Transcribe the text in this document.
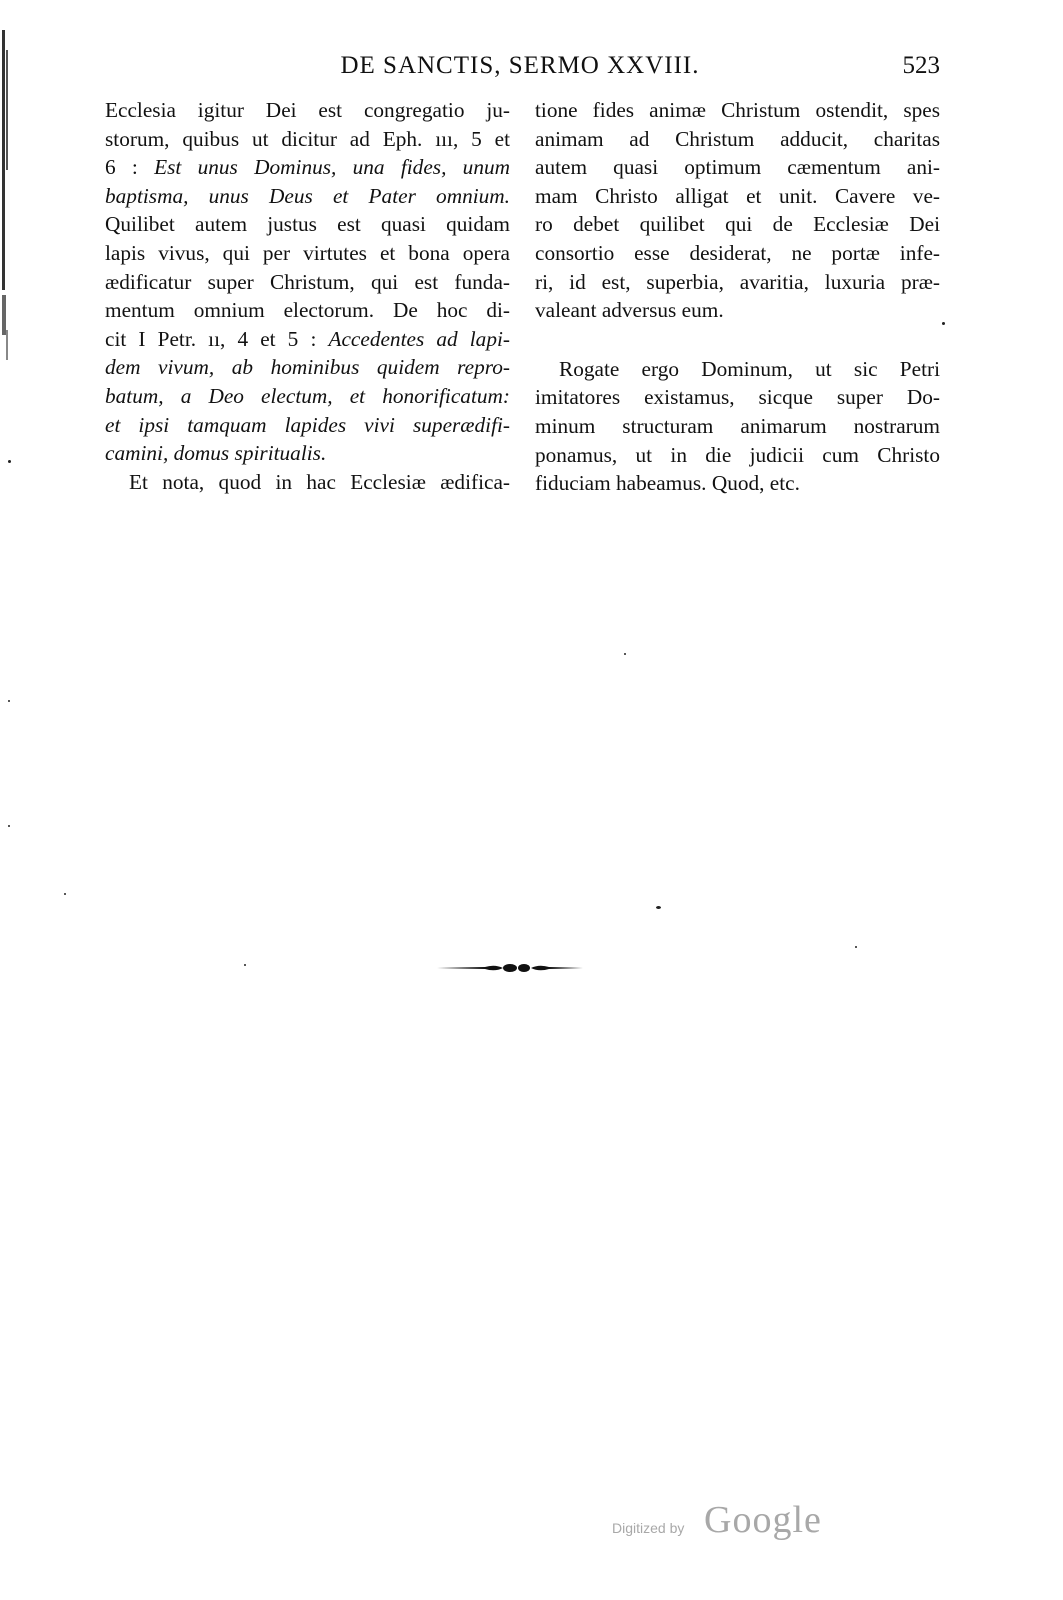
DE SANCTIS, SERMO XXVIII.	523
Ecclesia igitur Dei est congregatio ju-
storum, quibus ut dicitur ad Eph. ııı, 5 et
6 : Est unus Dominus, una fides, unum
baptisma, unus Deus et Pater omnium.
Quilibet autem justus est quasi quidam
lapis vivus, qui per virtutes et bona opera
ædificatur super Christum, qui est funda-
mentum omnium electorum. De hoc di-
cit I Petr. ıı, 4 et 5 : Accedentes ad lapi-
dem vivum, ab hominibus quidem repro-
batum, a Deo electum, et honorificatum:
et ipsi tamquam lapides vivi superædifi-
camini, domus spiritualis.
Et nota, quod in hac Ecclesiæ ædifica-
tione fides animæ Christum ostendit, spes
animam ad Christum adducit, charitas
autem quasi optimum cæmentum ani-
mam Christo alligat et unit. Cavere ve-
ro debet quilibet qui de Ecclesiæ Dei
consortio esse desiderat, ne portæ infe-
ri, id est, superbia, avaritia, luxuria præ-
valeant adversus eum.
Rogate ergo Dominum, ut sic Petri
imitatores existamus, sicque super Do-
minum structuram animarum nostrarum
ponamus, ut in die judicii cum Christo
fiduciam habeamus. Quod, etc.
Digitized by Google
